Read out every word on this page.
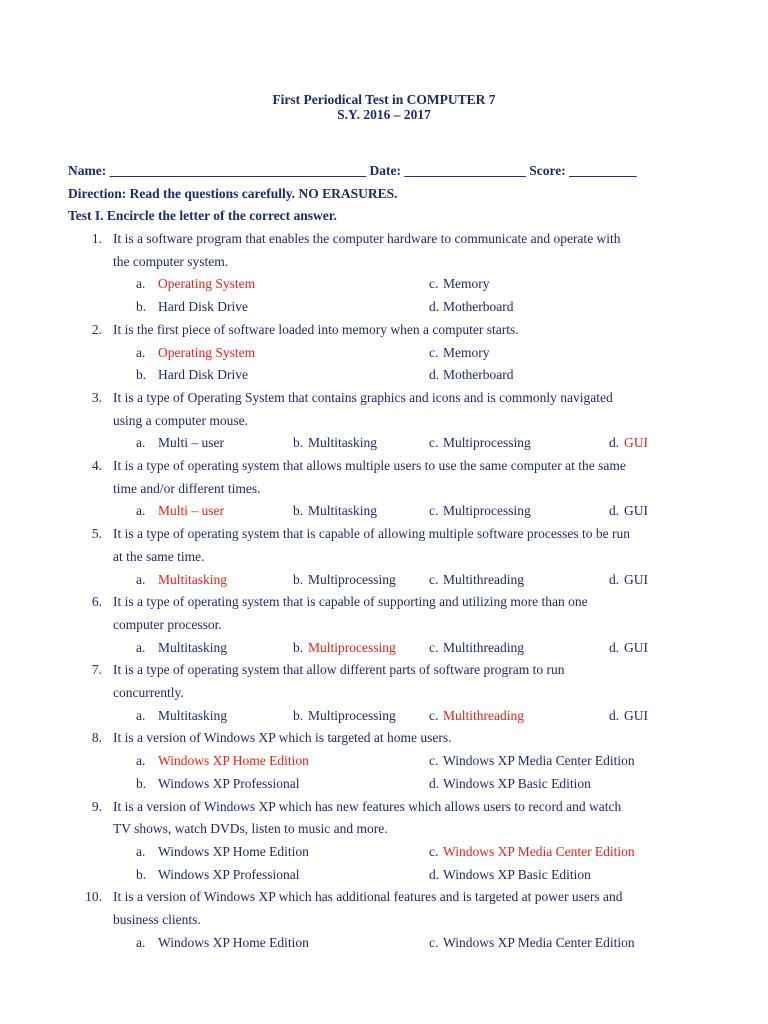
First Periodical Test in COMPUTER 7
S.Y. 2016 – 2017
Name: ______________________________________ Date: __________________ Score: __________
Direction: Read the questions carefully. NO ERASURES.
Test I. Encircle the letter of the correct answer.
1. It is a software program that enables the computer hardware to communicate and operate with
the computer system.
a. Operating System	c. Memory
b. Hard Disk Drive	d. Motherboard
2. It is the first piece of software loaded into memory when a computer starts.
a. Operating System	c. Memory
b. Hard Disk Drive	d. Motherboard
3. It is a type of Operating System that contains graphics and icons and is commonly navigated
using a computer mouse.
a. Multi – user	b. Multitasking	c. Multiprocessing	d. GUI
4. It is a type of operating system that allows multiple users to use the same computer at the same
time and/or different times.
a. Multi – user	b. Multitasking	c. Multiprocessing	d. GUI
5. It is a type of operating system that is capable of allowing multiple software processes to be run
at the same time.
a. Multitasking	b. Multiprocessing c. Multithreading	d. GUI
6. It is a type of operating system that is capable of supporting and utilizing more than one
computer processor.
a. Multitasking	b. Multiprocessing c. Multithreading	d. GUI
7. It is a type of operating system that allow different parts of software program to run
concurrently.
a. Multitasking	b. Multiprocessing c. Multithreading	d. GUI
8. It is a version of Windows XP which is targeted at home users.
a. Windows XP Home Edition	c. Windows XP Media Center Edition
b. Windows XP Professional	d. Windows XP Basic Edition
9. It is a version of Windows XP which has new features which allows users to record and watch
TV shows, watch DVDs, listen to music and more.
a. Windows XP Home Edition	c. Windows XP Media Center Edition
b. Windows XP Professional	d. Windows XP Basic Edition
10. It is a version of Windows XP which has additional features and is targeted at power users and
business clients.
a. Windows XP Home Edition	c. Windows XP Media Center Edition
